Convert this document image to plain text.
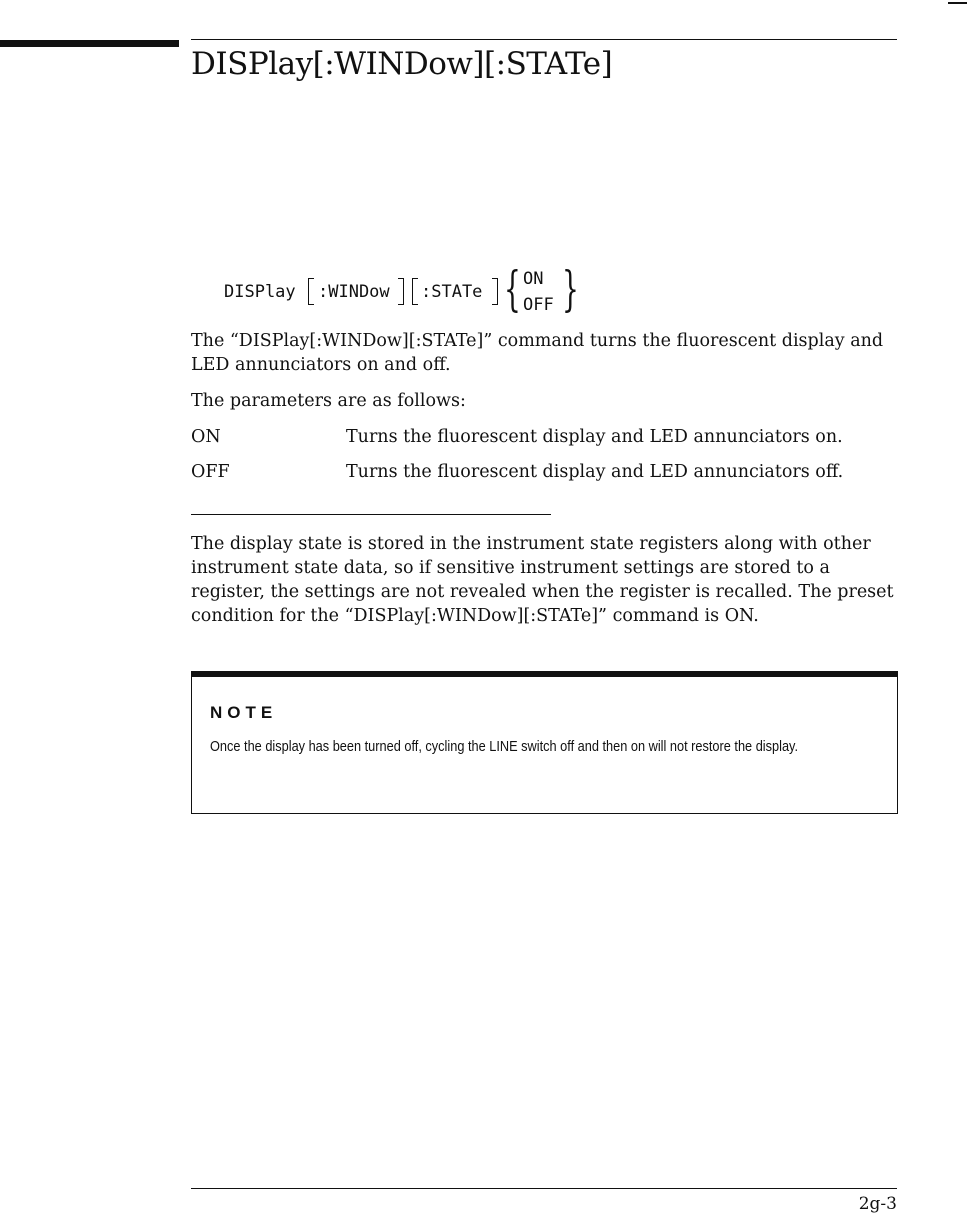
DISPlay[:WINDow][:STATe]
DISPlay :WINDow :STATe { ON
OFF }
The “DISPlay[:WINDow][:STATe]” command turns the fluorescent display and LED annunciators on and off.
The parameters are as follows:
ON	Turns the fluorescent display and LED annunciators on.
OFF	Turns the fluorescent display and LED annunciators off.
The display state is stored in the instrument state registers along with other instrument state data, so if sensitive instrument settings are stored to a register, the settings are not revealed when the register is recalled. The preset condition for the “DISPlay[:WINDow][:STATe]” command is ON.
NOTE
Once the display has been turned off, cycling the LINE switch off and then on will not restore the display.
2g-3
